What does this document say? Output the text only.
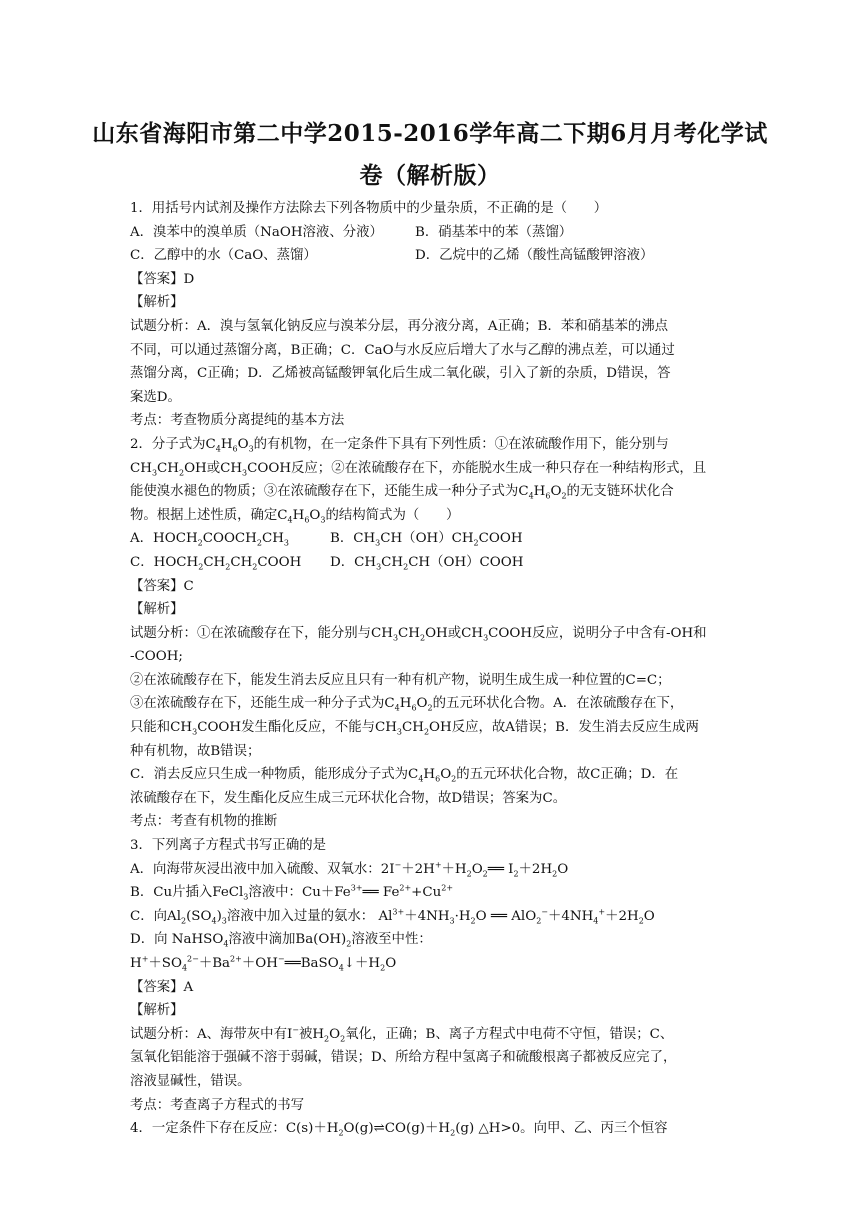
山东省海阳市第二中学2015-2016学年高二下期6月月考化学试
卷（解析版）
1．用括号内试剂及操作方法除去下列各物质中的少量杂质，不正确的是（　　）
A．溴苯中的溴单质（NaOH溶液、分液）	B．硝基苯中的苯（蒸馏）
C．乙醇中的水（CaO、蒸馏）	D．乙烷中的乙烯（酸性高锰酸钾溶液）
【答案】D
【解析】
试题分析：A．溴与氢氧化钠反应与溴苯分层，再分液分离，A正确；B．苯和硝基苯的沸点
不同，可以通过蒸馏分离，B正确；C．CaO与水反应后增大了水与乙醇的沸点差，可以通过
蒸馏分离，C正确；D．乙烯被高锰酸钾氧化后生成二氧化碳，引入了新的杂质，D错误，答
案选D。
考点：考查物质分离提纯的基本方法
2．分子式为$C_4H_6O_3$的有机物，在一定条件下具有下列性质：①在浓硫酸作用下，能分别与
$CH_3CH_2OH$或$CH_3COOH$反应；②在浓硫酸存在下，亦能脱水生成一种只存在一种结构形式，且
能使溴水褪色的物质；③在浓硫酸存在下，还能生成一种分子式为$C_4H_6O_2$的无支链环状化合
物。根据上述性质，确定$C_4H_6O_3$的结构简式为（　　）
A．$HOCH_2COOCH_2CH_3$	B．$CH_3CH(OH)CH_2COOH$
C．$HOCH_2CH_2CH_2COOH$	D．$CH_3CH_2CH(OH)COOH$
【答案】C
【解析】
试题分析：①在浓硫酸存在下，能分别与$CH_3CH_2OH$或$CH_3COOH$反应，说明分子中含有-OH和
-COOH;
②在浓硫酸存在下，能发生消去反应且只有一种有机产物，说明生成生成一种位置的C=C；
③在浓硫酸存在下，还能生成一种分子式为$C_4H_6O_2$的五元环状化合物。A．在浓硫酸存在下，
只能和$CH_3COOH$发生酯化反应，不能与$CH_3CH_2OH$反应，故A错误；B．发生消去反应生成两
种有机物，故B错误；
C．消去反应只生成一种物质，能形成分子式为$C_4H_6O_2$的五元环状化合物，故C正确；D．在
浓硫酸存在下，发生酯化反应生成三元环状化合物，故D错误；答案为C。
考点：考查有机物的推断
3．下列离子方程式书写正确的是
A．向海带灰浸出液中加入硫酸、双氧水：$2I^-+2H^++H_2O_2══$ $I_2+2H_2O$
B．Cu片插入FeCl$_3$溶液中：$Cu+Fe^{3+}══$ $Fe^{2+}+Cu^{2+}$
C．向$Al_2(SO_4)_3$溶液中加入过量的氨水： $Al^{3+}+4NH_3\cdot H_2O$ ══ $AlO_2^-+4NH_4^++2H_2O$
D．向 NaHSO$_4$溶液中滴加$Ba(OH)_2$溶液至中性：
$H^++SO_4^{2-}+Ba^{2+}+OH^-══BaSO_4↓+H_2O$
【答案】A
【解析】
试题分析：A、海带灰中有I−被$H_2O_2$氧化，正确；B、离子方程式中电荷不守恒，错误；C、
氢氧化铝能溶于强碱不溶于弱碱，错误；D、所给方程中氢离子和硫酸根离子都被反应完了，
溶液显碱性，错误。
考点：考查离子方程式的书写
4．一定条件下存在反应：$C(s)+H_2O(g)\rightleftharpoons CO(g)+H_2(g)$ △H>0。向甲、乙、丙三个恒容
